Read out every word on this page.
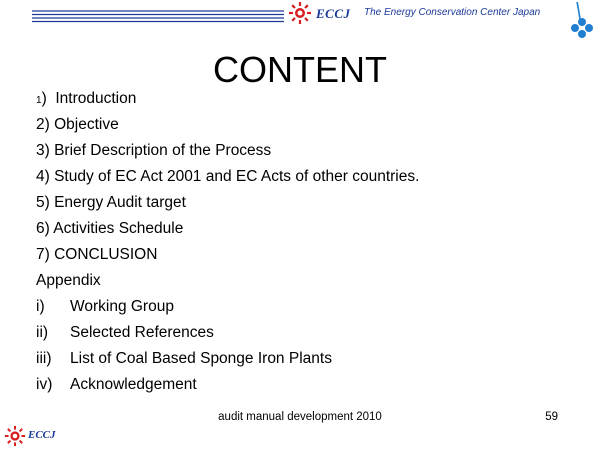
ECCJ The Energy Conservation Center Japan
CONTENT
1)  Introduction
2) Objective
3) Brief Description of the Process
4) Study of EC Act 2001 and EC Acts of other countries.
5) Energy Audit target
6) Activities Schedule
7) CONCLUSION
Appendix
i) Working Group
ii) Selected References
iii) List of Coal Based Sponge Iron Plants
iv) Acknowledgement
audit manual development 2010	59
ECCJ
